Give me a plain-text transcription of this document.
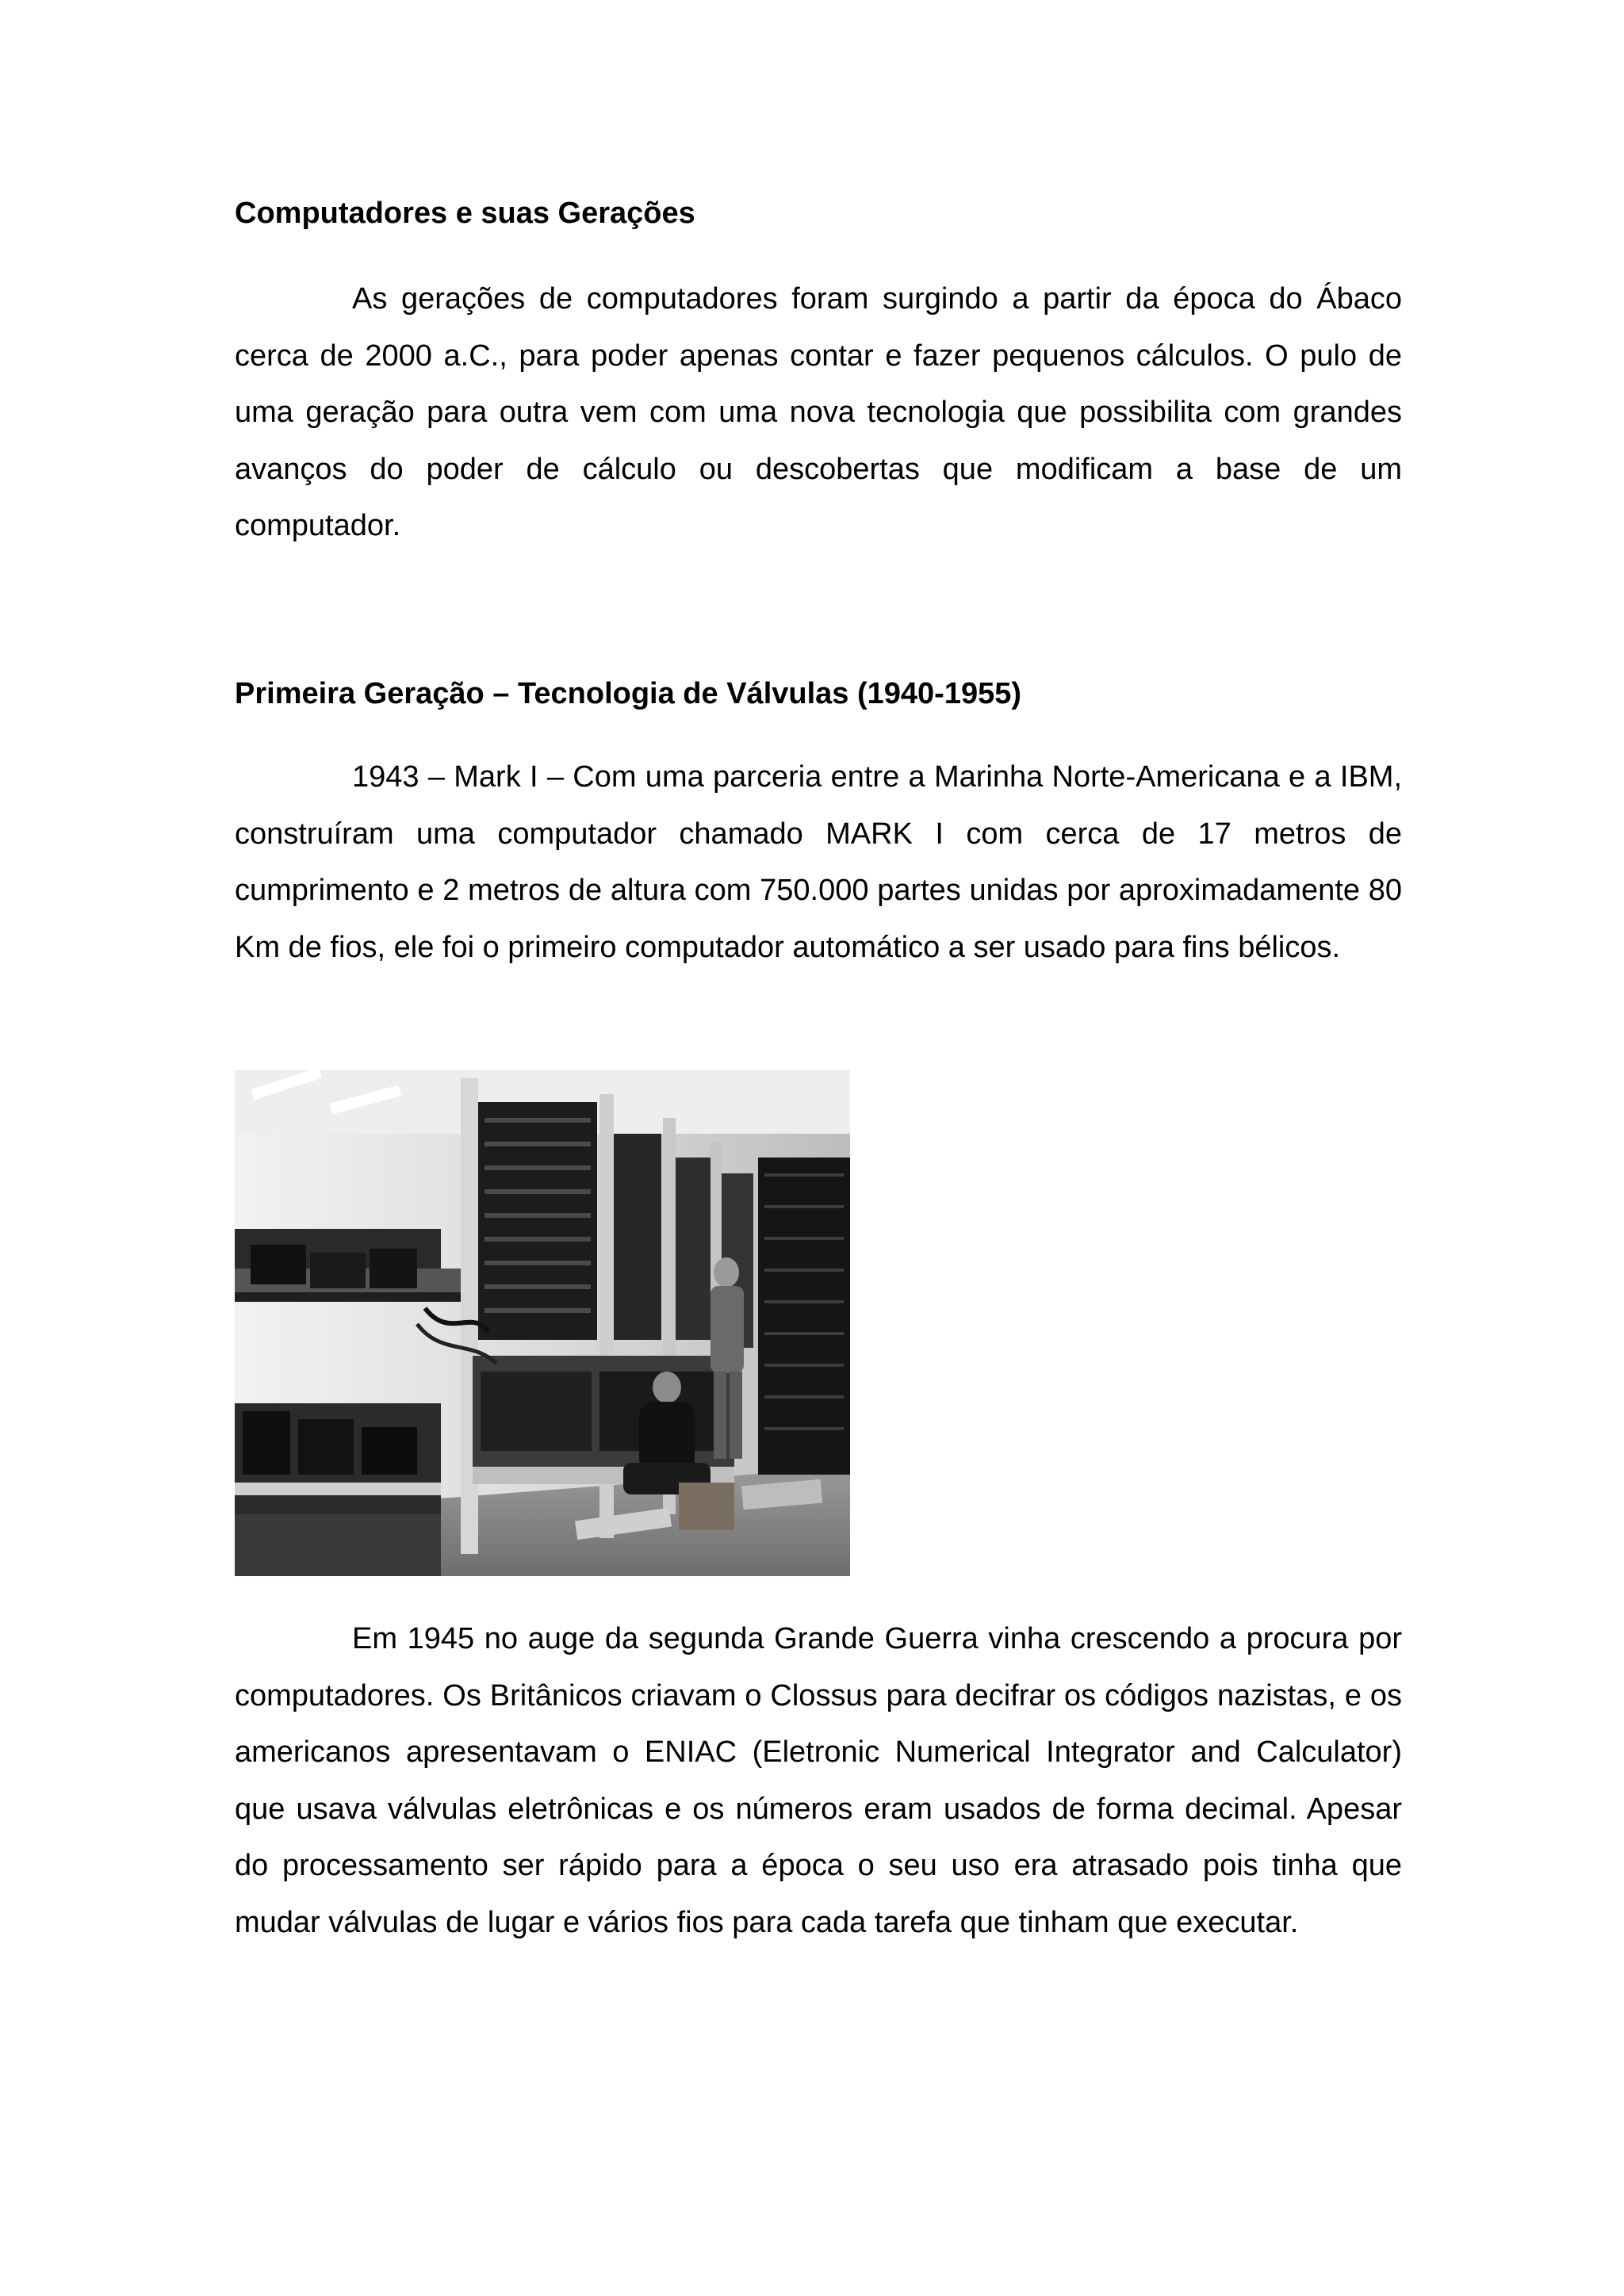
Computadores e suas Gerações

As gerações de computadores foram surgindo a partir da época do Ábaco cerca de 2000 a.C., para poder apenas contar e fazer pequenos cálculos. O pulo de uma geração para outra vem com uma nova tecnologia que possibilita com grandes avanços do poder de cálculo ou descobertas que modificam a base de um computador.

Primeira Geração – Tecnologia de Válvulas (1940-1955)

1943 – Mark I – Com uma parceria entre a Marinha Norte-Americana e a IBM, construíram uma computador chamado MARK I com cerca de 17 metros de cumprimento e 2 metros de altura com 750.000 partes unidas por aproximadamente 80 Km de fios, ele foi o primeiro computador automático a ser usado para fins bélicos.

Em 1945 no auge da segunda Grande Guerra vinha crescendo a procura por computadores. Os Britânicos criavam o Clossus para decifrar os códigos nazistas, e os americanos apresentavam o ENIAC (Eletronic Numerical Integrator and Calculator) que usava válvulas eletrônicas e os números eram usados de forma decimal. Apesar do processamento ser rápido para a época o seu uso era atrasado pois tinha que mudar válvulas de lugar e vários fios para cada tarefa que tinham que executar.
